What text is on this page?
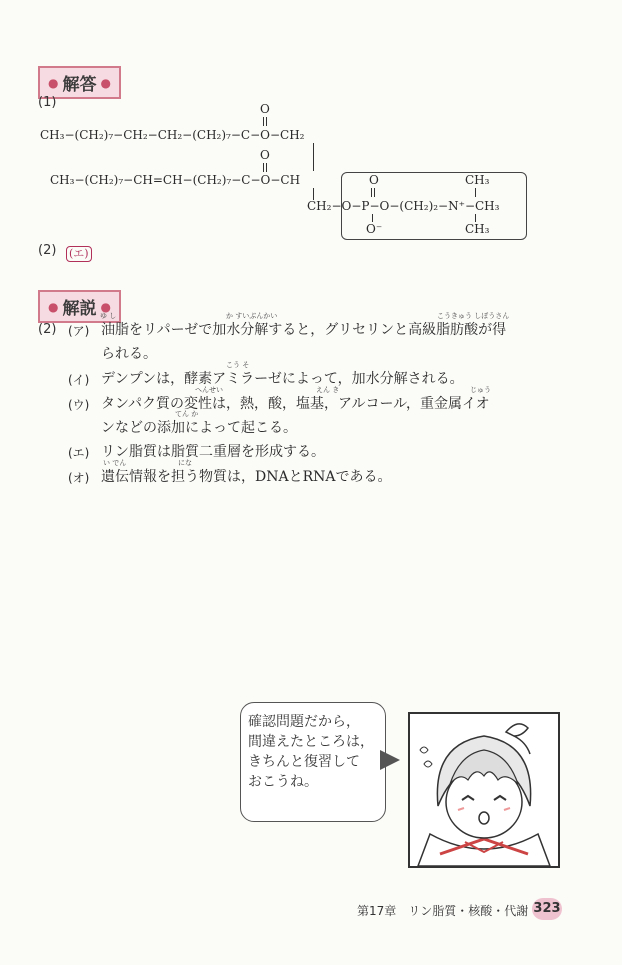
● 解答 ●
(1)	O
CH₃−(CH₂)₇−CH₂−CH₂−(CH₂)₇−C−O−CH₂
O
CH₃−(CH₂)₇−CH=CH−(CH₂)₇−C−O−CH	O	CH₃
CH₂−O−P−O−(CH₂)₂−N⁺−CH₃
O⁻	CH₃
(2) (エ)
● 解説 ●
(2)
ゆ し	か すいぶんかい	こうきゅう しぼうさん
(ア) 油脂をリパーゼで加水分解すると，グリセリンと高級脂肪酸が得
られる。
こう そ
(イ) デンプンは，酵素アミラーゼによって，加水分解される。
へんせい	えん き	じゅう
(ウ) タンパク質の変性は，熱，酸，塩基，アルコール，重金属イオ
てん か
ンなどの添加によって起こる。
(エ) リン脂質は脂質二重層を形成する。
い でん	にな
(オ) 遺伝情報を担う物質は，DNAとRNAである。
確認問題だから，
間違えたところは，
きちんと復習して
おこうね。
第17章　リン脂質・核酸・代謝 323
